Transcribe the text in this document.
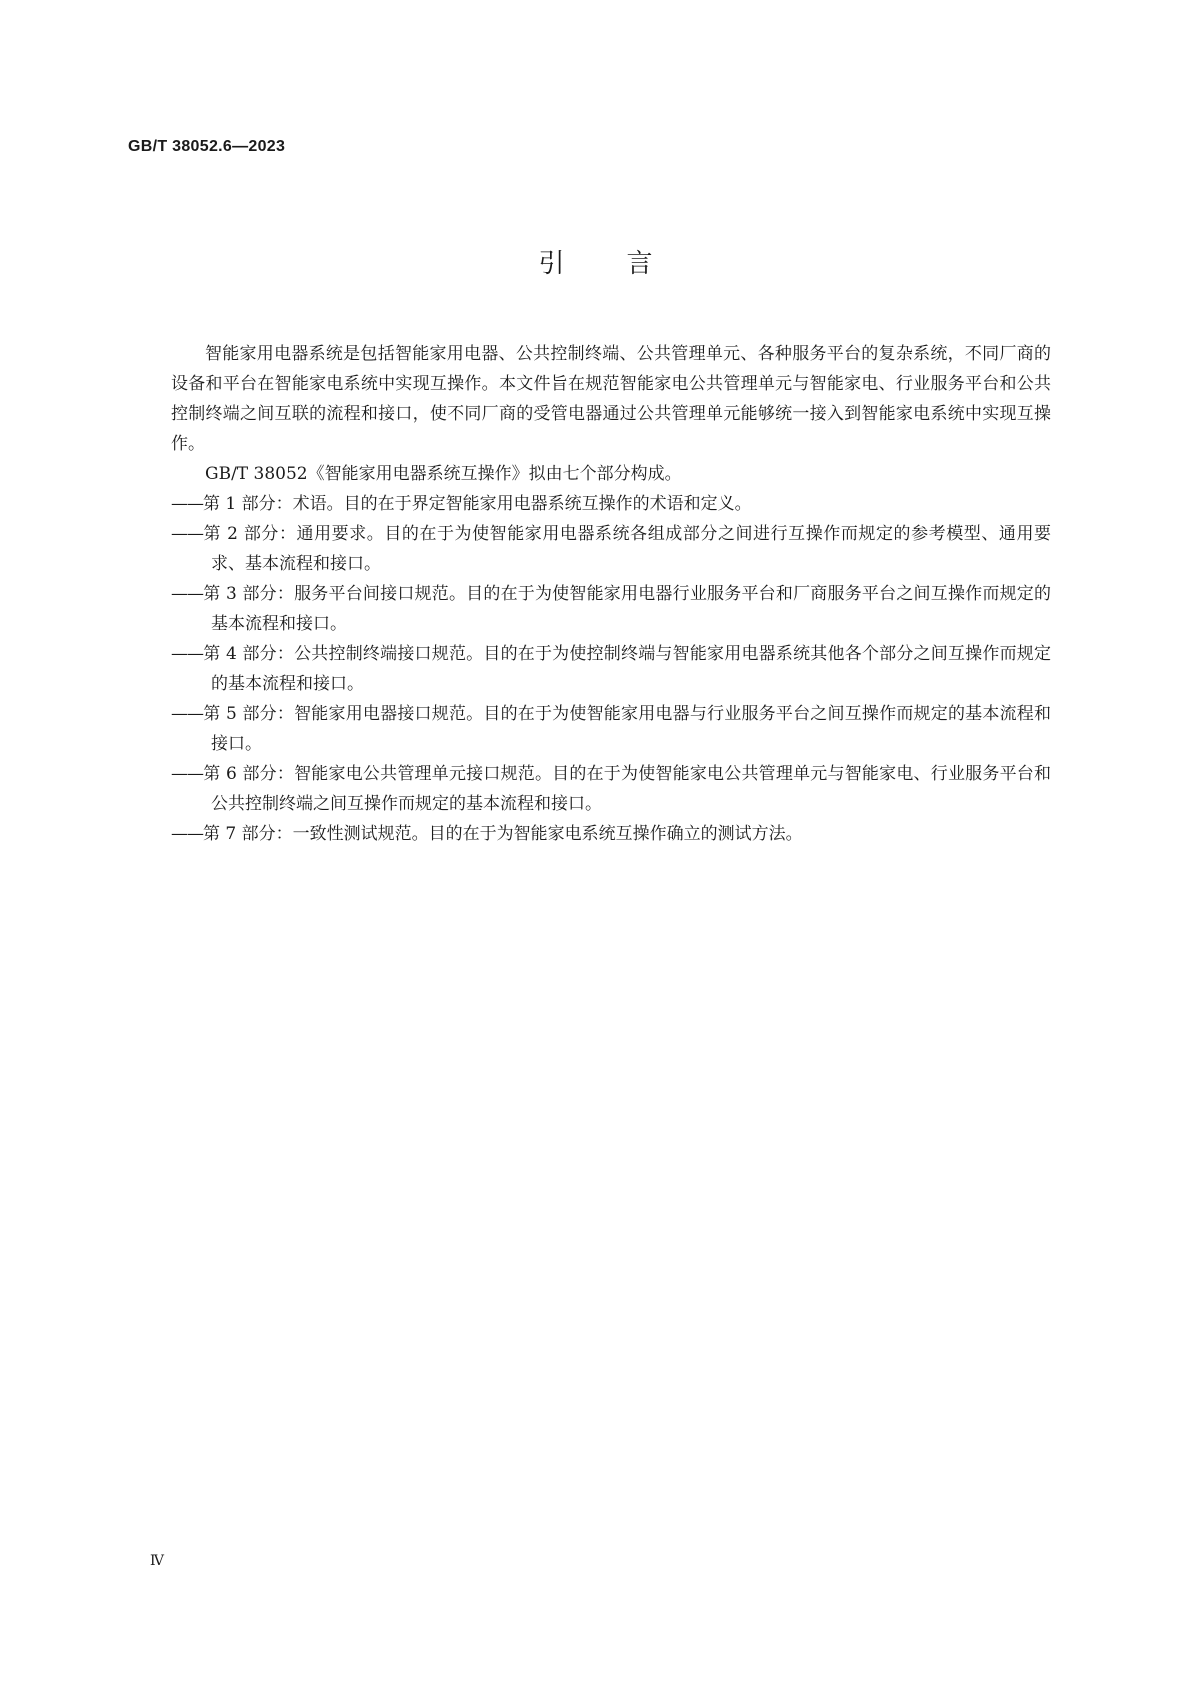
GB/T 38052.6—2023
引言

智能家用电器系统是包括智能家用电器、公共控制终端、公共管理单元、各种服务平台的复杂系统，不同厂商的设备和平台在智能家电系统中实现互操作。本文件旨在规范智能家电公共管理单元与智能家电、行业服务平台和公共控制终端之间互联的流程和接口，使不同厂商的受管电器通过公共管理单元能够统一接入到智能家电系统中实现互操作。

GB/T 38052《智能家用电器系统互操作》拟由七个部分构成。

——第 1 部分：术语。目的在于界定智能家用电器系统互操作的术语和定义。

——第 2 部分：通用要求。目的在于为使智能家用电器系统各组成部分之间进行互操作而规定的参考模型、通用要求、基本流程和接口。

——第 3 部分：服务平台间接口规范。目的在于为使智能家用电器行业服务平台和厂商服务平台之间互操作而规定的基本流程和接口。

——第 4 部分：公共控制终端接口规范。目的在于为使控制终端与智能家用电器系统其他各个部分之间互操作而规定的基本流程和接口。

——第 5 部分：智能家用电器接口规范。目的在于为使智能家用电器与行业服务平台之间互操作而规定的基本流程和接口。

——第 6 部分：智能家电公共管理单元接口规范。目的在于为使智能家电公共管理单元与智能家电、行业服务平台和公共控制终端之间互操作而规定的基本流程和接口。

——第 7 部分：一致性测试规范。目的在于为智能家电系统互操作确立的测试方法。

Ⅳ
